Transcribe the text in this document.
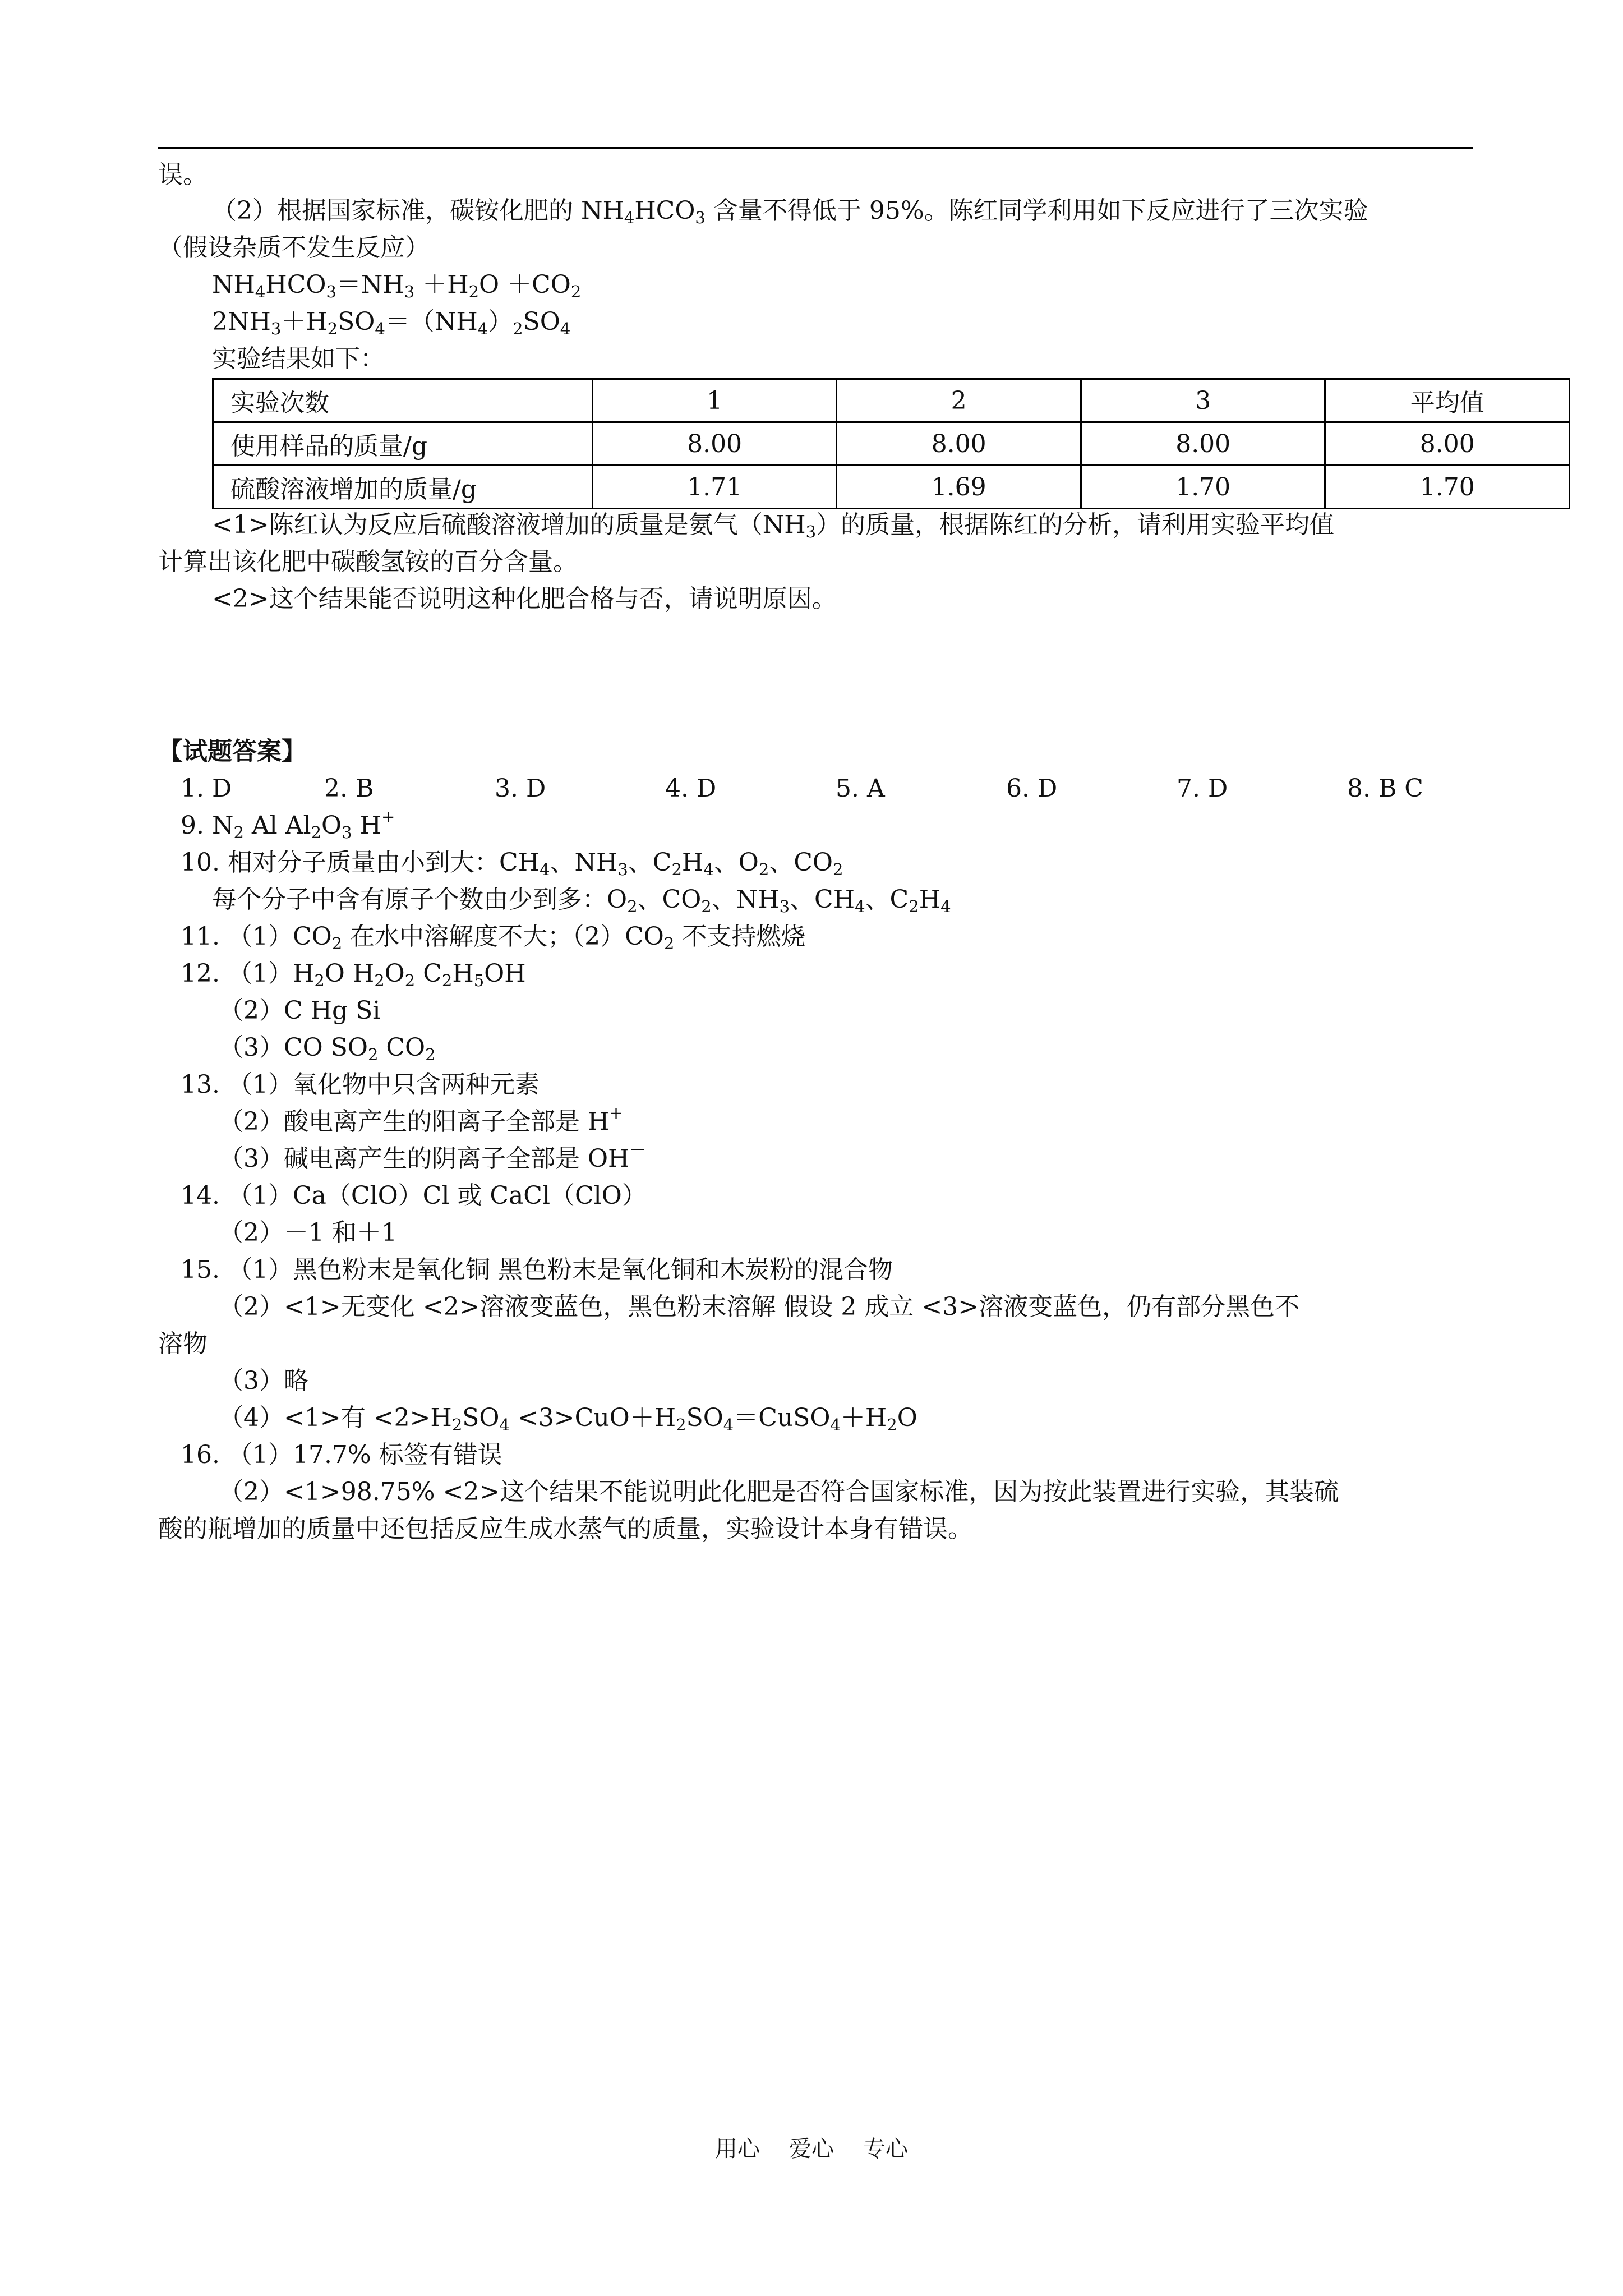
误。
（2）根据国家标准，碳铵化肥的 $NH_4HCO_3$ 含量不得低于 95%。陈红同学利用如下反应进行了三次实验
（假设杂质不发生反应）
$NH_4HCO_3=NH_3 +H_2O +CO_2$
$2NH_3+H_2SO_4=(NH_4)_2SO_4$
实验结果如下：
实验次数	1	2	3	平均值
使用样品的质量/g	8.00	8.00	8.00	8.00
硫酸溶液增加的质量/g	1.71	1.69	1.70	1.70
<1>陈红认为反应后硫酸溶液增加的质量是氨气$(NH_3)$的质量，根据陈红的分析，请利用实验平均值
计算出该化肥中碳酸氢铵的百分含量。
<2>这个结果能否说明这种化肥合格与否，请说明原因。
【试题答案】
1. D	2. B	3. D	4. D	5. A	6. D	7. D	8. B C
9. $N_2$ Al $Al_2O_3$ H+
10. 相对分子质量由小到大：$CH_4$、$NH_3$、$C_2H_4$、$O_2$、$CO_2$
每个分子中含有原子个数由少到多：$O_2$、$CO_2$、$NH_3$、$CH_4$、$C_2H_4$
11. $(1)CO_2$ 在水中溶解度不大；$(2)CO_2$ 不支持燃烧
12. $(1)H_2O$ $H_2O_2$ $C_2H_5OH$
（2）C Hg Si
（3）CO $SO_2$ $CO_2$
13. （1）氧化物中只含两种元素
（2）酸电离产生的阳离子全部是 H+
（3）碱电离产生的阴离子全部是 OH－
14. （1）Ca（ClO）Cl 或 CaCl（ClO）
（2）－1 和＋1
15. （1）黑色粉末是氧化铜 黑色粉末是氧化铜和木炭粉的混合物
（2）<1>无变化 <2>溶液变蓝色，黑色粉末溶解 假设 2 成立 <3>溶液变蓝色，仍有部分黑色不
溶物
（3）略
（4）<1>有 $<2>H_2SO_4$ $<3>CuO+H_2SO_4=CuSO_4+H_2O$
16. （1）17.7% 标签有错误
（2）<1>98.75% <2>这个结果不能说明此化肥是否符合国家标准，因为按此装置进行实验，其装硫
酸的瓶增加的质量中还包括反应生成水蒸气的质量，实验设计本身有错误。
用心 爱心 专心
